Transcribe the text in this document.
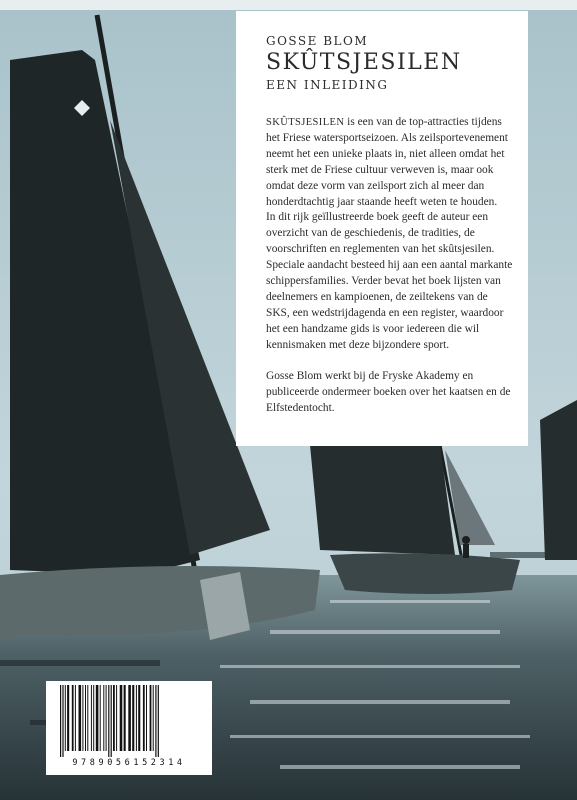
GOSSE BLOM

SKÛTSJESILEN

EEN INLEIDING

SKÛTSJESILEN is een van de top-attracties tijdens het Friese watersportseizoen. Als zeilsportevenement neemt het een unieke plaats in, niet alleen omdat het sterk met de Friese cultuur verweven is, maar ook omdat deze vorm van zeilsport zich al meer dan honderdtachtig jaar staande heeft weten te houden.

In dit rijk geïllustreerde boek geeft de auteur een overzicht van de geschiedenis, de tradities, de voorschriften en reglementen van het skûtsjesilen. Speciale aandacht besteed hij aan een aantal markante schippersfamilies. Verder bevat het boek lijsten van deelnemers en kampioenen, de zeiltekens van de SKS, een wedstrijdagenda en een register, waardoor het een handzame gids is voor iedereen die wil kennismaken met deze bijzondere sport.

Gosse Blom werkt bij de Fryske Akademy en publiceerde ondermeer boeken over het kaatsen en de Elfstedentocht.

9789056152314
